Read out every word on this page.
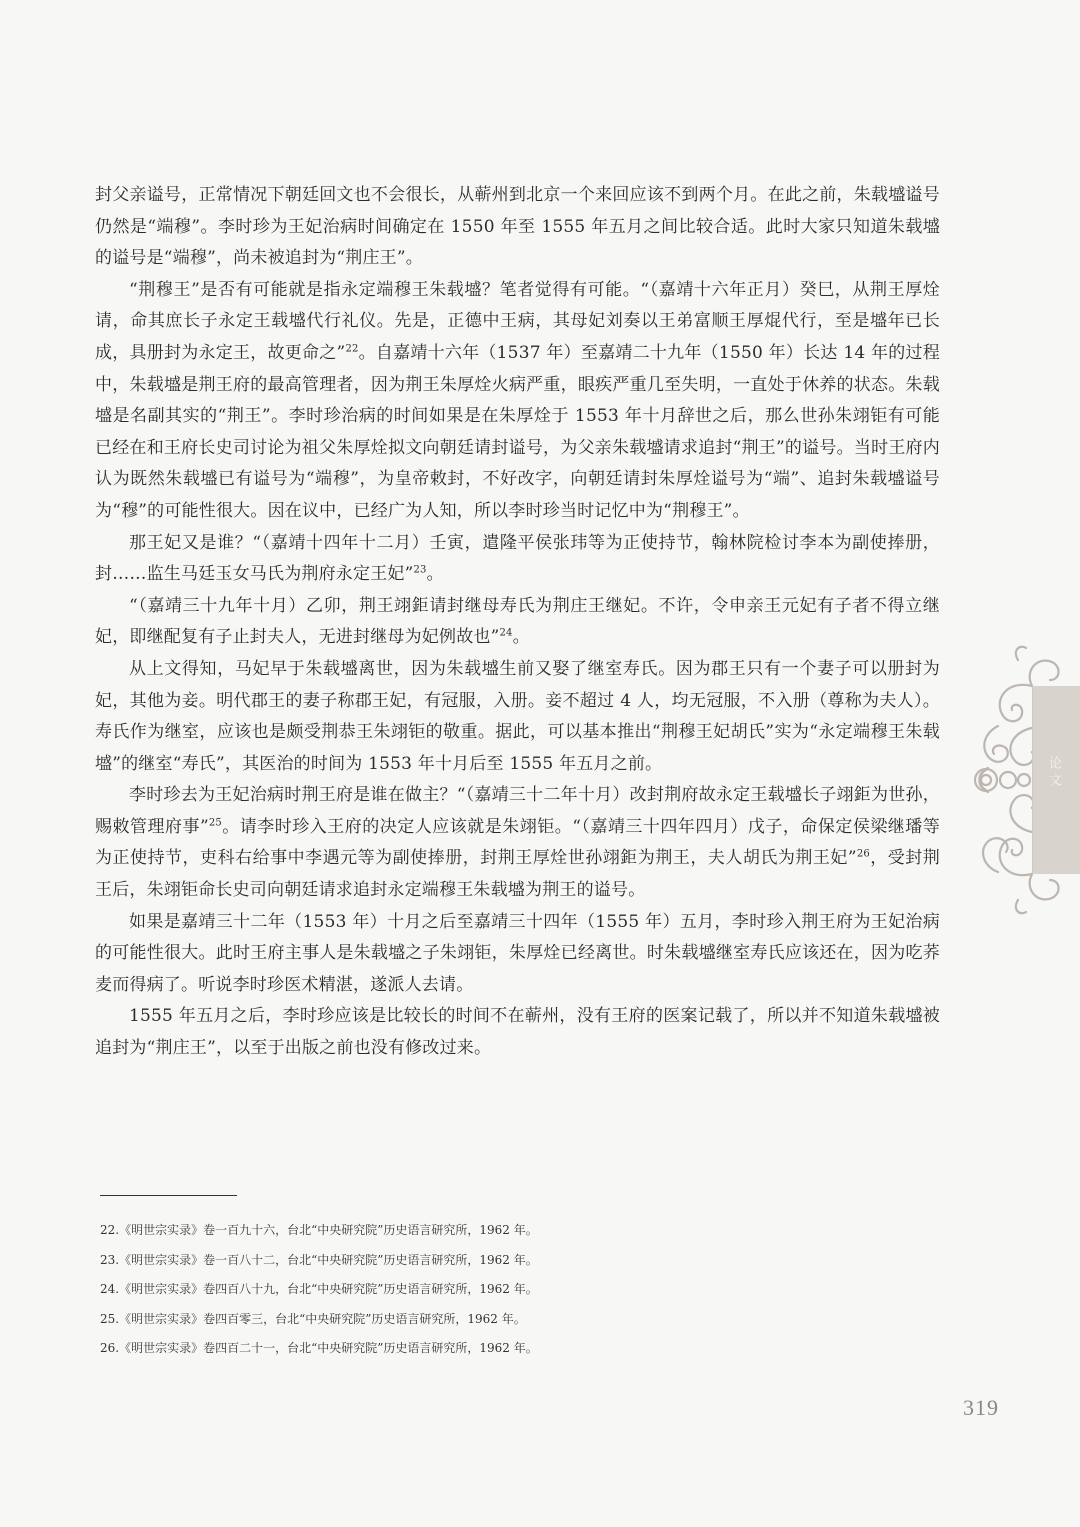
封父亲谥号，正常情况下朝廷回文也不会很长，从蕲州到北京一个来回应该不到两个月。在此之前，朱载墭谥号仍然是“端穆”。李时珍为王妃治病时间确定在 1550 年至 1555 年五月之间比较合适。此时大家只知道朱载墭的谥号是“端穆”，尚未被追封为“荆庄王”。

“荆穆王”是否有可能就是指永定端穆王朱载墭？笔者觉得有可能。“（嘉靖十六年正月）癸巳，从荆王厚烇请，命其庶长子永定王载墭代行礼仪。先是，正德中王病，其母妃刘奏以王弟富顺王厚焜代行，至是墭年已长成，具册封为永定王，故更命之”$^{22}$。自嘉靖十六年（1537 年）至嘉靖二十九年（1550 年）长达 14 年的过程中，朱载墭是荆王府的最高管理者，因为荆王朱厚烇火病严重，眼疾严重几至失明，一直处于休养的状态。朱载墭是名副其实的“荆王”。李时珍治病的时间如果是在朱厚烇于 1553 年十月辞世之后，那么世孙朱翊钜有可能已经在和王府长史司讨论为祖父朱厚烇拟文向朝廷请封谥号，为父亲朱载墭请求追封“荆王”的谥号。当时王府内认为既然朱载墭已有谥号为“端穆”，为皇帝敕封，不好改字，向朝廷请封朱厚烇谥号为“端”、追封朱载墭谥号为“穆”的可能性很大。因在议中，已经广为人知，所以李时珍当时记忆中为“荆穆王”。

那王妃又是谁？“（嘉靖十四年十二月）壬寅，遣隆平侯张玮等为正使持节，翰林院检讨李本为副使捧册，封……监生马廷玉女马氏为荆府永定王妃”$^{23}$。

“（嘉靖三十九年十月）乙卯，荆王翊鉅请封继母寿氏为荆庄王继妃。不许，令申亲王元妃有子者不得立继妃，即继配复有子止封夫人，无进封继母为妃例故也”$^{24}$。

从上文得知，马妃早于朱载墭离世，因为朱载墭生前又娶了继室寿氏。因为郡王只有一个妻子可以册封为妃，其他为妾。明代郡王的妻子称郡王妃，有冠服，入册。妾不超过 4 人，均无冠服，不入册（尊称为夫人）。寿氏作为继室，应该也是颇受荆恭王朱翊钜的敬重。据此，可以基本推出“荆穆王妃胡氏”实为“永定端穆王朱载墭”的继室“寿氏”，其医治的时间为 1553 年十月后至 1555 年五月之前。

李时珍去为王妃治病时荆王府是谁在做主？“（嘉靖三十二年十月）改封荆府故永定王载墭长子翊鉅为世孙，赐敕管理府事”$^{25}$。请李时珍入王府的决定人应该就是朱翊钜。“（嘉靖三十四年四月）戊子，命保定侯梁继璠等为正使持节，吏科右给事中李遇元等为副使捧册，封荆王厚烇世孙翊鉅为荆王，夫人胡氏为荆王妃”$^{26}$，受封荆王后，朱翊钜命长史司向朝廷请求追封永定端穆王朱载墭为荆王的谥号。

如果是嘉靖三十二年（1553 年）十月之后至嘉靖三十四年（1555 年）五月，李时珍入荆王府为王妃治病的可能性很大。此时王府主事人是朱载墭之子朱翊钜，朱厚烇已经离世。时朱载墭继室寿氏应该还在，因为吃荞麦而得病了。听说李时珍医术精湛，遂派人去请。

1555 年五月之后，李时珍应该是比较长的时间不在蕲州，没有王府的医案记载了，所以并不知道朱载墭被追封为“荆庄王”，以至于出版之前也没有修改过来。

22.《明世宗实录》卷一百九十六，台北“中央研究院”历史语言研究所，1962 年。
23.《明世宗实录》卷一百八十二，台北“中央研究院”历史语言研究所，1962 年。
24.《明世宗实录》卷四百八十九，台北“中央研究院”历史语言研究所，1962 年。
25.《明世宗实录》卷四百零三，台北“中央研究院”历史语言研究所，1962 年。
26.《明世宗实录》卷四百二十一，台北“中央研究院”历史语言研究所，1962 年。
319
论文
